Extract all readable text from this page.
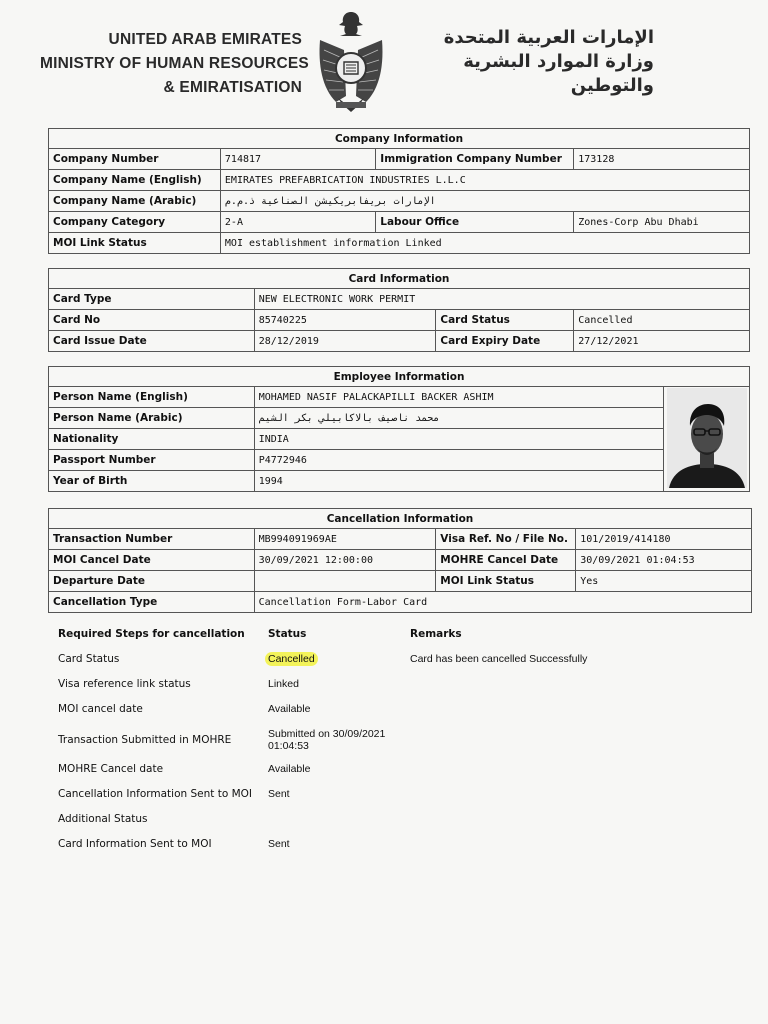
UNITED ARAB EMIRATES
MINISTRY OF HUMAN RESOURCES
& EMIRATISATION
الإمارات العربية المتحدة
وزارة الموارد البشرية
والتوطين
Company Information			
Company Number	714817	Immigration Company Number	173128
Company Name (English)	EMIRATES PREFABRICATION INDUSTRIES L.L.C		
Company Name (Arabic)	الإمارات بريفابريكيشن الصناعية ذ.م.م		
Company Category	2-A	Labour Office	Zones-Corp Abu Dhabi
MOI Link Status	MOI establishment information Linked		
Card Information			
Card Type	NEW ELECTRONIC WORK PERMIT		
Card No	85740225	Card Status	Cancelled
Card Issue Date	28/12/2019	Card Expiry Date	27/12/2021
Employee Information		
Person Name (English)	MOHAMED NASIF PALACKAPILLI BACKER ASHIM	
Person Name (Arabic)	محمد ناصيف بالاكابيلي بكر الشيم	
Nationality	INDIA	
Passport Number	P4772946	
Year of Birth	1994	
Cancellation Information			
Transaction Number	MB994091969AE	Visa Ref. No / File No.	101/2019/414180
MOI Cancel Date	30/09/2021 12:00:00	MOHRE Cancel Date	30/09/2021 01:04:53
Departure Date		MOI Link Status	Yes
Cancellation Type	Cancellation Form-Labor Card		
Required Steps for cancellation	Status	Remarks
Card Status	Cancelled	Card has been cancelled Successfully
Visa reference link status	Linked
MOI cancel date	Available
Transaction Submitted in MOHRE	Submitted on 30/09/2021 01:04:53
MOHRE Cancel date	Available
Cancellation Information Sent to MOI	Sent
Additional Status
Card Information Sent to MOI	Sent
